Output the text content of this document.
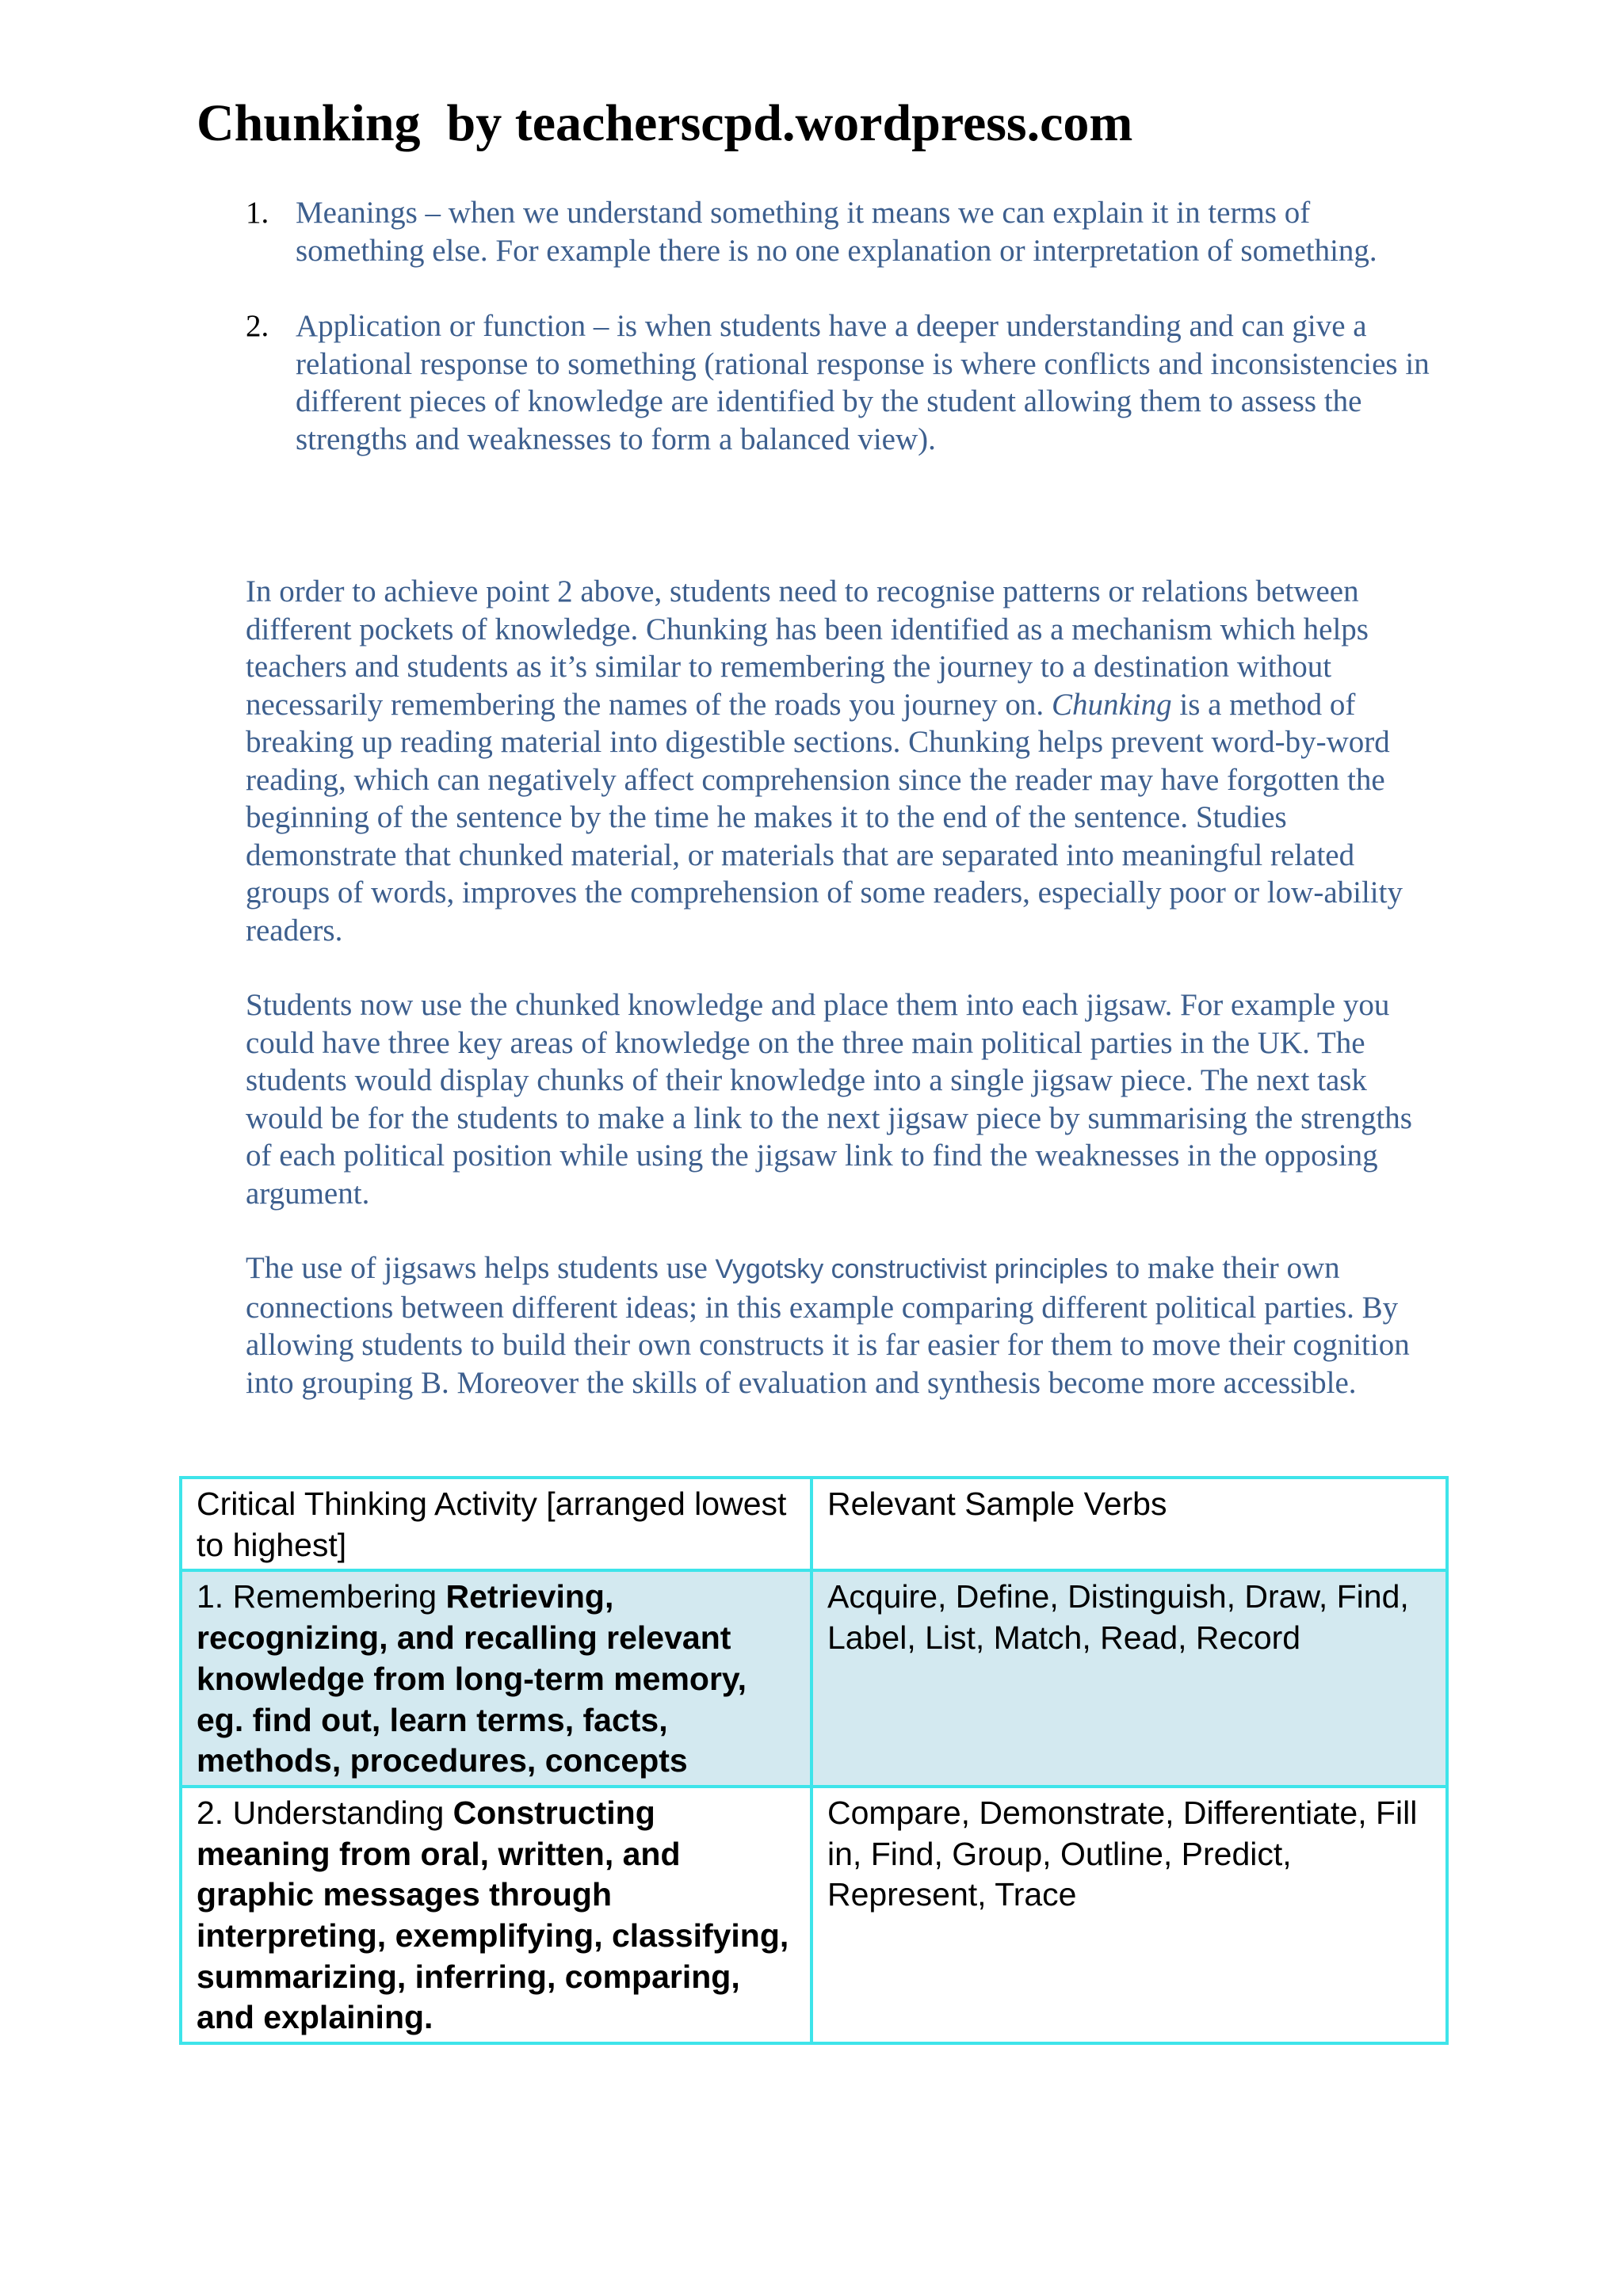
Chunking  by teacherscpd.wordpress.com
1. Meanings – when we understand something it means we can explain it in terms of something else. For example there is no one explanation or interpretation of something.
2. Application or function – is when students have a deeper understanding and can give a relational response to something (rational response is where conflicts and inconsistencies in different pieces of knowledge are identified by the student allowing them to assess the strengths and weaknesses to form a balanced view).

In order to achieve point 2 above, students need to recognise patterns or relations between different pockets of knowledge. Chunking has been identified as a mechanism which helps teachers and students as it’s similar to remembering the journey to a destination without necessarily remembering the names of the roads you journey on. Chunking is a method of breaking up reading material into digestible sections. Chunking helps prevent word-by-word reading, which can negatively affect comprehension since the reader may have forgotten the beginning of the sentence by the time he makes it to the end of the sentence. Studies demonstrate that chunked material, or materials that are separated into meaningful related groups of words, improves the comprehension of some readers, especially poor or low-ability readers.

Students now use the chunked knowledge and place them into each jigsaw. For example you could have three key areas of knowledge on the three main political parties in the UK. The students would display chunks of their knowledge into a single jigsaw piece. The next task would be for the students to make a link to the next jigsaw piece by summarising the strengths of each political position while using the jigsaw link to find the weaknesses in the opposing argument.

The use of jigsaws helps students use Vygotsky constructivist principles to make their own connections between different ideas; in this example comparing different political parties. By allowing students to build their own constructs it is far easier for them to move their cognition into grouping B. Moreover the skills of evaluation and synthesis become more accessible.

Critical Thinking Activity [arranged lowest to highest]	Relevant Sample Verbs
1. Remembering Retrieving, recognizing, and recalling relevant knowledge from long-term memory, eg. find out, learn terms, facts, methods, procedures, concepts	Acquire, Define, Distinguish, Draw, Find, Label, List, Match, Read, Record
2. Understanding Constructing meaning from oral, written, and graphic messages through interpreting, exemplifying, classifying, summarizing, inferring, comparing, and explaining.	Compare, Demonstrate, Differentiate, Fill in, Find, Group, Outline, Predict, Represent, Trace
